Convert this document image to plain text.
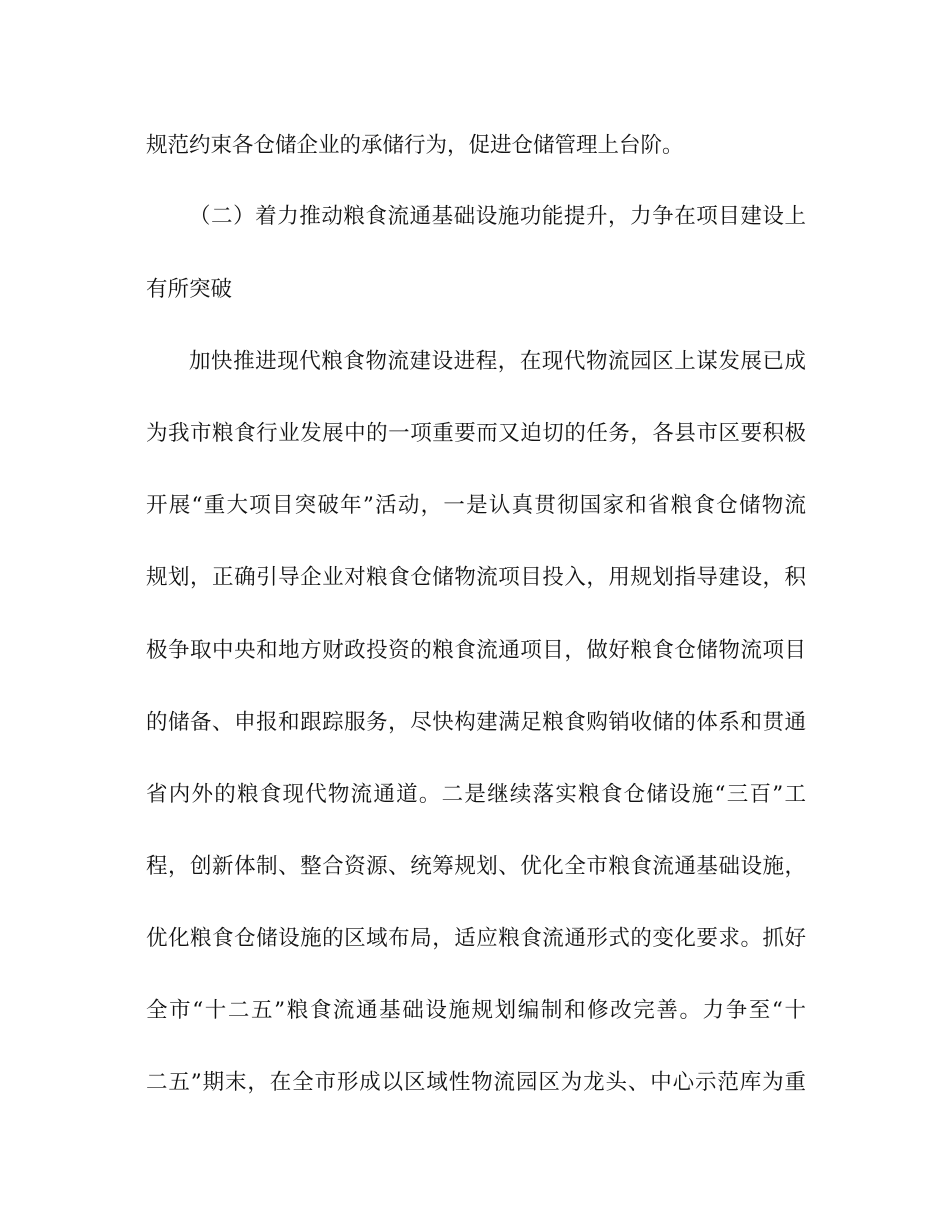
规范约束各仓储企业的承储行为，促进仓储管理上台阶。
（二）着力推动粮食流通基础设施功能提升，力争在项目建设上
有所突破
加快推进现代粮食物流建设进程，在现代物流园区上谋发展已成
为我市粮食行业发展中的一项重要而又迫切的任务，各县市区要积极
开展“重大项目突破年”活动，一是认真贯彻国家和省粮食仓储物流
规划，正确引导企业对粮食仓储物流项目投入，用规划指导建设，积
极争取中央和地方财政投资的粮食流通项目，做好粮食仓储物流项目
的储备、申报和跟踪服务，尽快构建满足粮食购销收储的体系和贯通
省内外的粮食现代物流通道。二是继续落实粮食仓储设施“三百”工
程，创新体制、整合资源、统筹规划、优化全市粮食流通基础设施，
优化粮食仓储设施的区域布局，适应粮食流通形式的变化要求。抓好
全市“十二五”粮食流通基础设施规划编制和修改完善。力争至“十
二五”期末，在全市形成以区域性物流园区为龙头、中心示范库为重
